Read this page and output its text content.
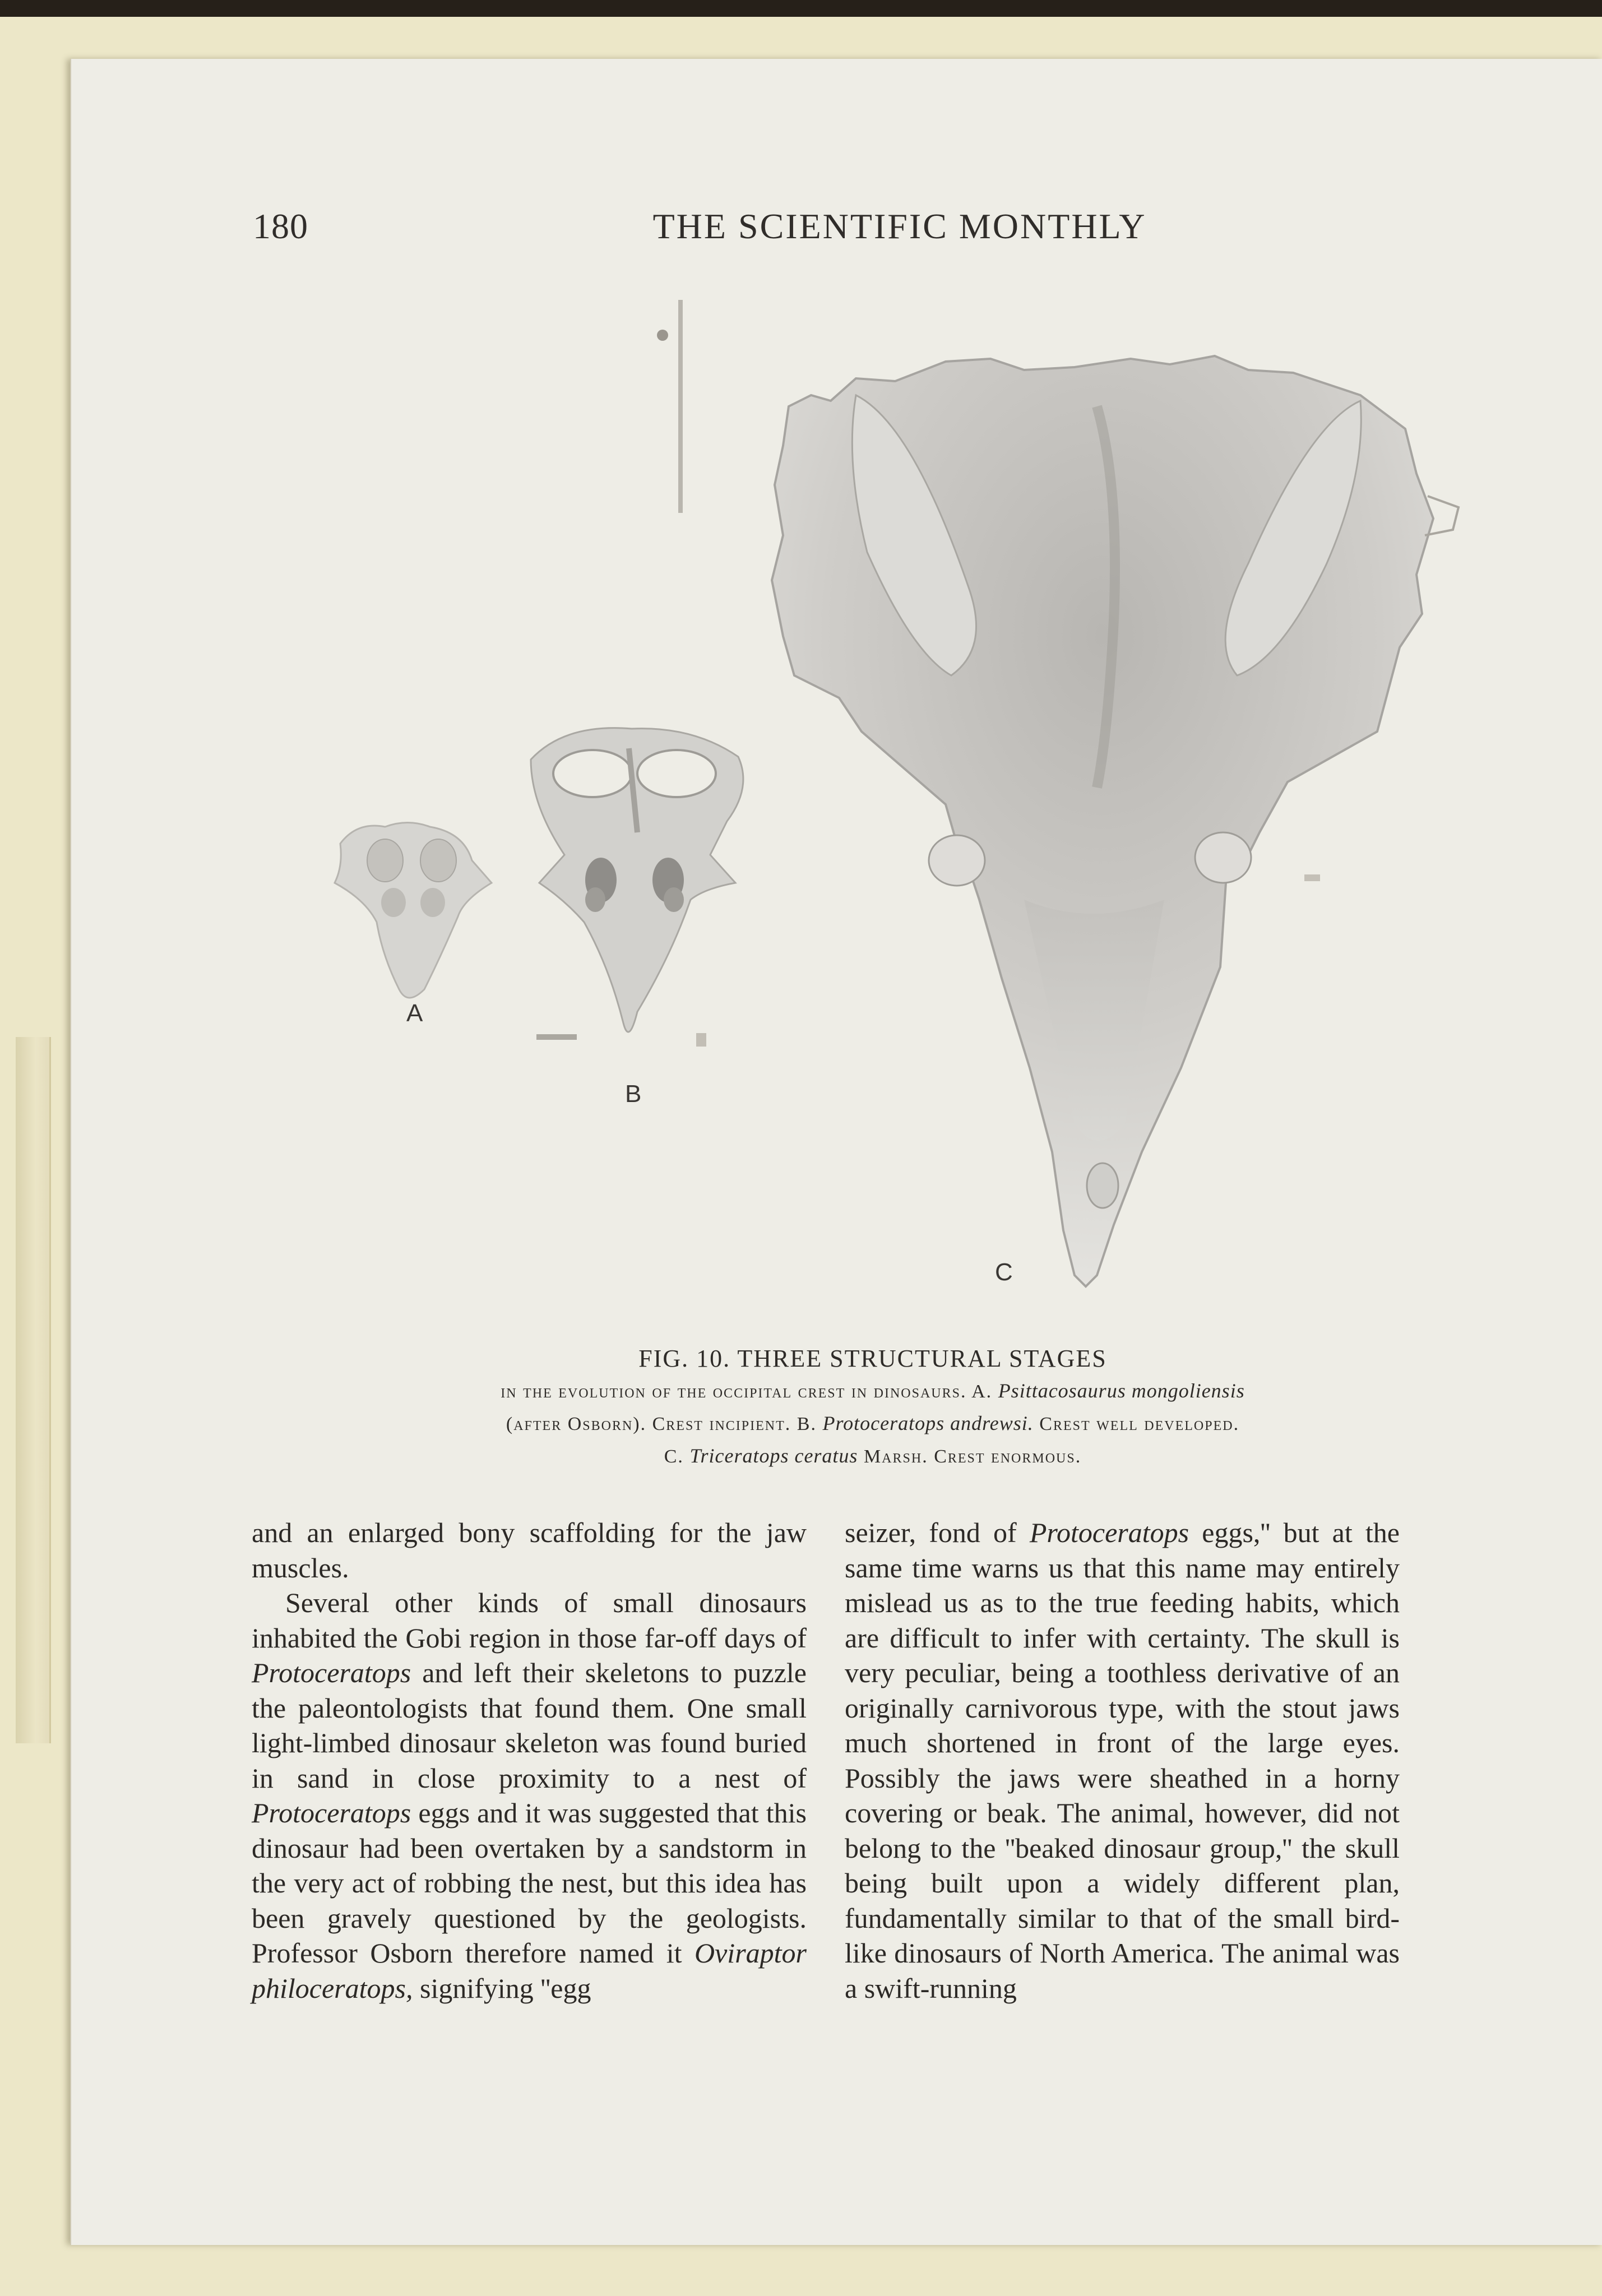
180	THE SCIENTIFIC MONTHLY
A
B
C
FIG. 10. THREE STRUCTURAL STAGES
in the evolution of the occipital crest in dinosaurs. A. Psittacosaurus mongoliensis
(after Osborn). Crest incipient. B. Protoceratops andrewsi. Crest well developed.
C. Triceratops ceratus Marsh. Crest enormous.

and an enlarged bony scaffolding for the jaw muscles.

Several other kinds of small dinosaurs inhabited the Gobi region in those far-off days of Protoceratops and left their skeletons to puzzle the paleontologists that found them. One small light-limbed dinosaur skeleton was found buried in sand in close proximity to a nest of Protoceratops eggs and it was suggested that this dinosaur had been overtaken by a sandstorm in the very act of robbing the nest, but this idea has been gravely questioned by the geologists. Professor Osborn therefore named it Oviraptor philoceratops, signifying ''egg

seizer, fond of Protoceratops eggs,'' but at the same time warns us that this name may entirely mislead us as to the true feeding habits, which are difficult to infer with certainty. The skull is very peculiar, being a toothless derivative of an originally carnivorous type, with the stout jaws much shortened in front of the large eyes. Possibly the jaws were sheathed in a horny covering or beak. The animal, however, did not belong to the ''beaked dinosaur group,'' the skull being built upon a widely different plan, fundamentally similar to that of the small bird-like dinosaurs of North America. The animal was a swift-running
